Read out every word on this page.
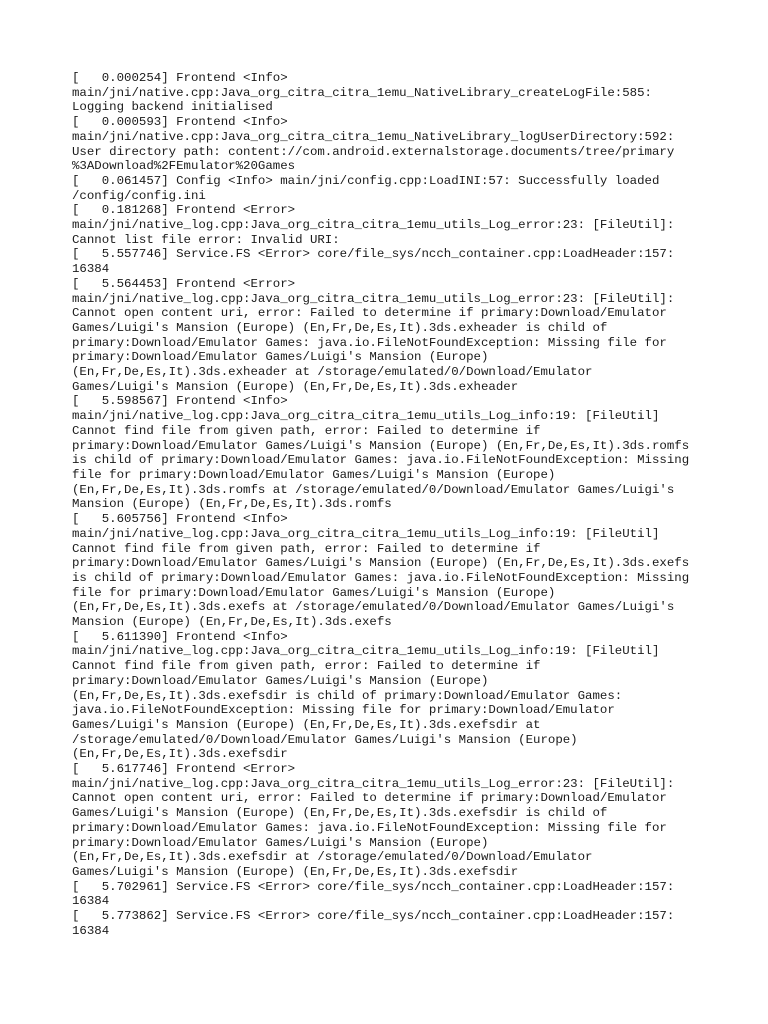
[   0.000254] Frontend <Info>

main/jni/native.cpp:Java_org_citra_citra_1emu_NativeLibrary_createLogFile:585:

Logging backend initialised

[   0.000593] Frontend <Info>

main/jni/native.cpp:Java_org_citra_citra_1emu_NativeLibrary_logUserDirectory:592:

User directory path: content://com.android.externalstorage.documents/tree/primary

%3ADownload%2FEmulator%20Games

[   0.061457] Config <Info> main/jni/config.cpp:LoadINI:57: Successfully loaded

/config/config.ini

[   0.181268] Frontend <Error>

main/jni/native_log.cpp:Java_org_citra_citra_1emu_utils_Log_error:23: [FileUtil]:

Cannot list file error: Invalid URI:

[   5.557746] Service.FS <Error> core/file_sys/ncch_container.cpp:LoadHeader:157:

16384

[   5.564453] Frontend <Error>

main/jni/native_log.cpp:Java_org_citra_citra_1emu_utils_Log_error:23: [FileUtil]:

Cannot open content uri, error: Failed to determine if primary:Download/Emulator

Games/Luigi's Mansion (Europe) (En,Fr,De,Es,It).3ds.exheader is child of

primary:Download/Emulator Games: java.io.FileNotFoundException: Missing file for

primary:Download/Emulator Games/Luigi's Mansion (Europe)

(En,Fr,De,Es,It).3ds.exheader at /storage/emulated/0/Download/Emulator

Games/Luigi's Mansion (Europe) (En,Fr,De,Es,It).3ds.exheader

[   5.598567] Frontend <Info>

main/jni/native_log.cpp:Java_org_citra_citra_1emu_utils_Log_info:19: [FileUtil]

Cannot find file from given path, error: Failed to determine if

primary:Download/Emulator Games/Luigi's Mansion (Europe) (En,Fr,De,Es,It).3ds.romfs

is child of primary:Download/Emulator Games: java.io.FileNotFoundException: Missing

file for primary:Download/Emulator Games/Luigi's Mansion (Europe)

(En,Fr,De,Es,It).3ds.romfs at /storage/emulated/0/Download/Emulator Games/Luigi's

Mansion (Europe) (En,Fr,De,Es,It).3ds.romfs

[   5.605756] Frontend <Info>

main/jni/native_log.cpp:Java_org_citra_citra_1emu_utils_Log_info:19: [FileUtil]

Cannot find file from given path, error: Failed to determine if

primary:Download/Emulator Games/Luigi's Mansion (Europe) (En,Fr,De,Es,It).3ds.exefs

is child of primary:Download/Emulator Games: java.io.FileNotFoundException: Missing

file for primary:Download/Emulator Games/Luigi's Mansion (Europe)

(En,Fr,De,Es,It).3ds.exefs at /storage/emulated/0/Download/Emulator Games/Luigi's

Mansion (Europe) (En,Fr,De,Es,It).3ds.exefs

[   5.611390] Frontend <Info>

main/jni/native_log.cpp:Java_org_citra_citra_1emu_utils_Log_info:19: [FileUtil]

Cannot find file from given path, error: Failed to determine if

primary:Download/Emulator Games/Luigi's Mansion (Europe)

(En,Fr,De,Es,It).3ds.exefsdir is child of primary:Download/Emulator Games:

java.io.FileNotFoundException: Missing file for primary:Download/Emulator

Games/Luigi's Mansion (Europe) (En,Fr,De,Es,It).3ds.exefsdir at

/storage/emulated/0/Download/Emulator Games/Luigi's Mansion (Europe)

(En,Fr,De,Es,It).3ds.exefsdir

[   5.617746] Frontend <Error>

main/jni/native_log.cpp:Java_org_citra_citra_1emu_utils_Log_error:23: [FileUtil]:

Cannot open content uri, error: Failed to determine if primary:Download/Emulator

Games/Luigi's Mansion (Europe) (En,Fr,De,Es,It).3ds.exefsdir is child of

primary:Download/Emulator Games: java.io.FileNotFoundException: Missing file for

primary:Download/Emulator Games/Luigi's Mansion (Europe)

(En,Fr,De,Es,It).3ds.exefsdir at /storage/emulated/0/Download/Emulator

Games/Luigi's Mansion (Europe) (En,Fr,De,Es,It).3ds.exefsdir

[   5.702961] Service.FS <Error> core/file_sys/ncch_container.cpp:LoadHeader:157:

16384

[   5.773862] Service.FS <Error> core/file_sys/ncch_container.cpp:LoadHeader:157:

16384
